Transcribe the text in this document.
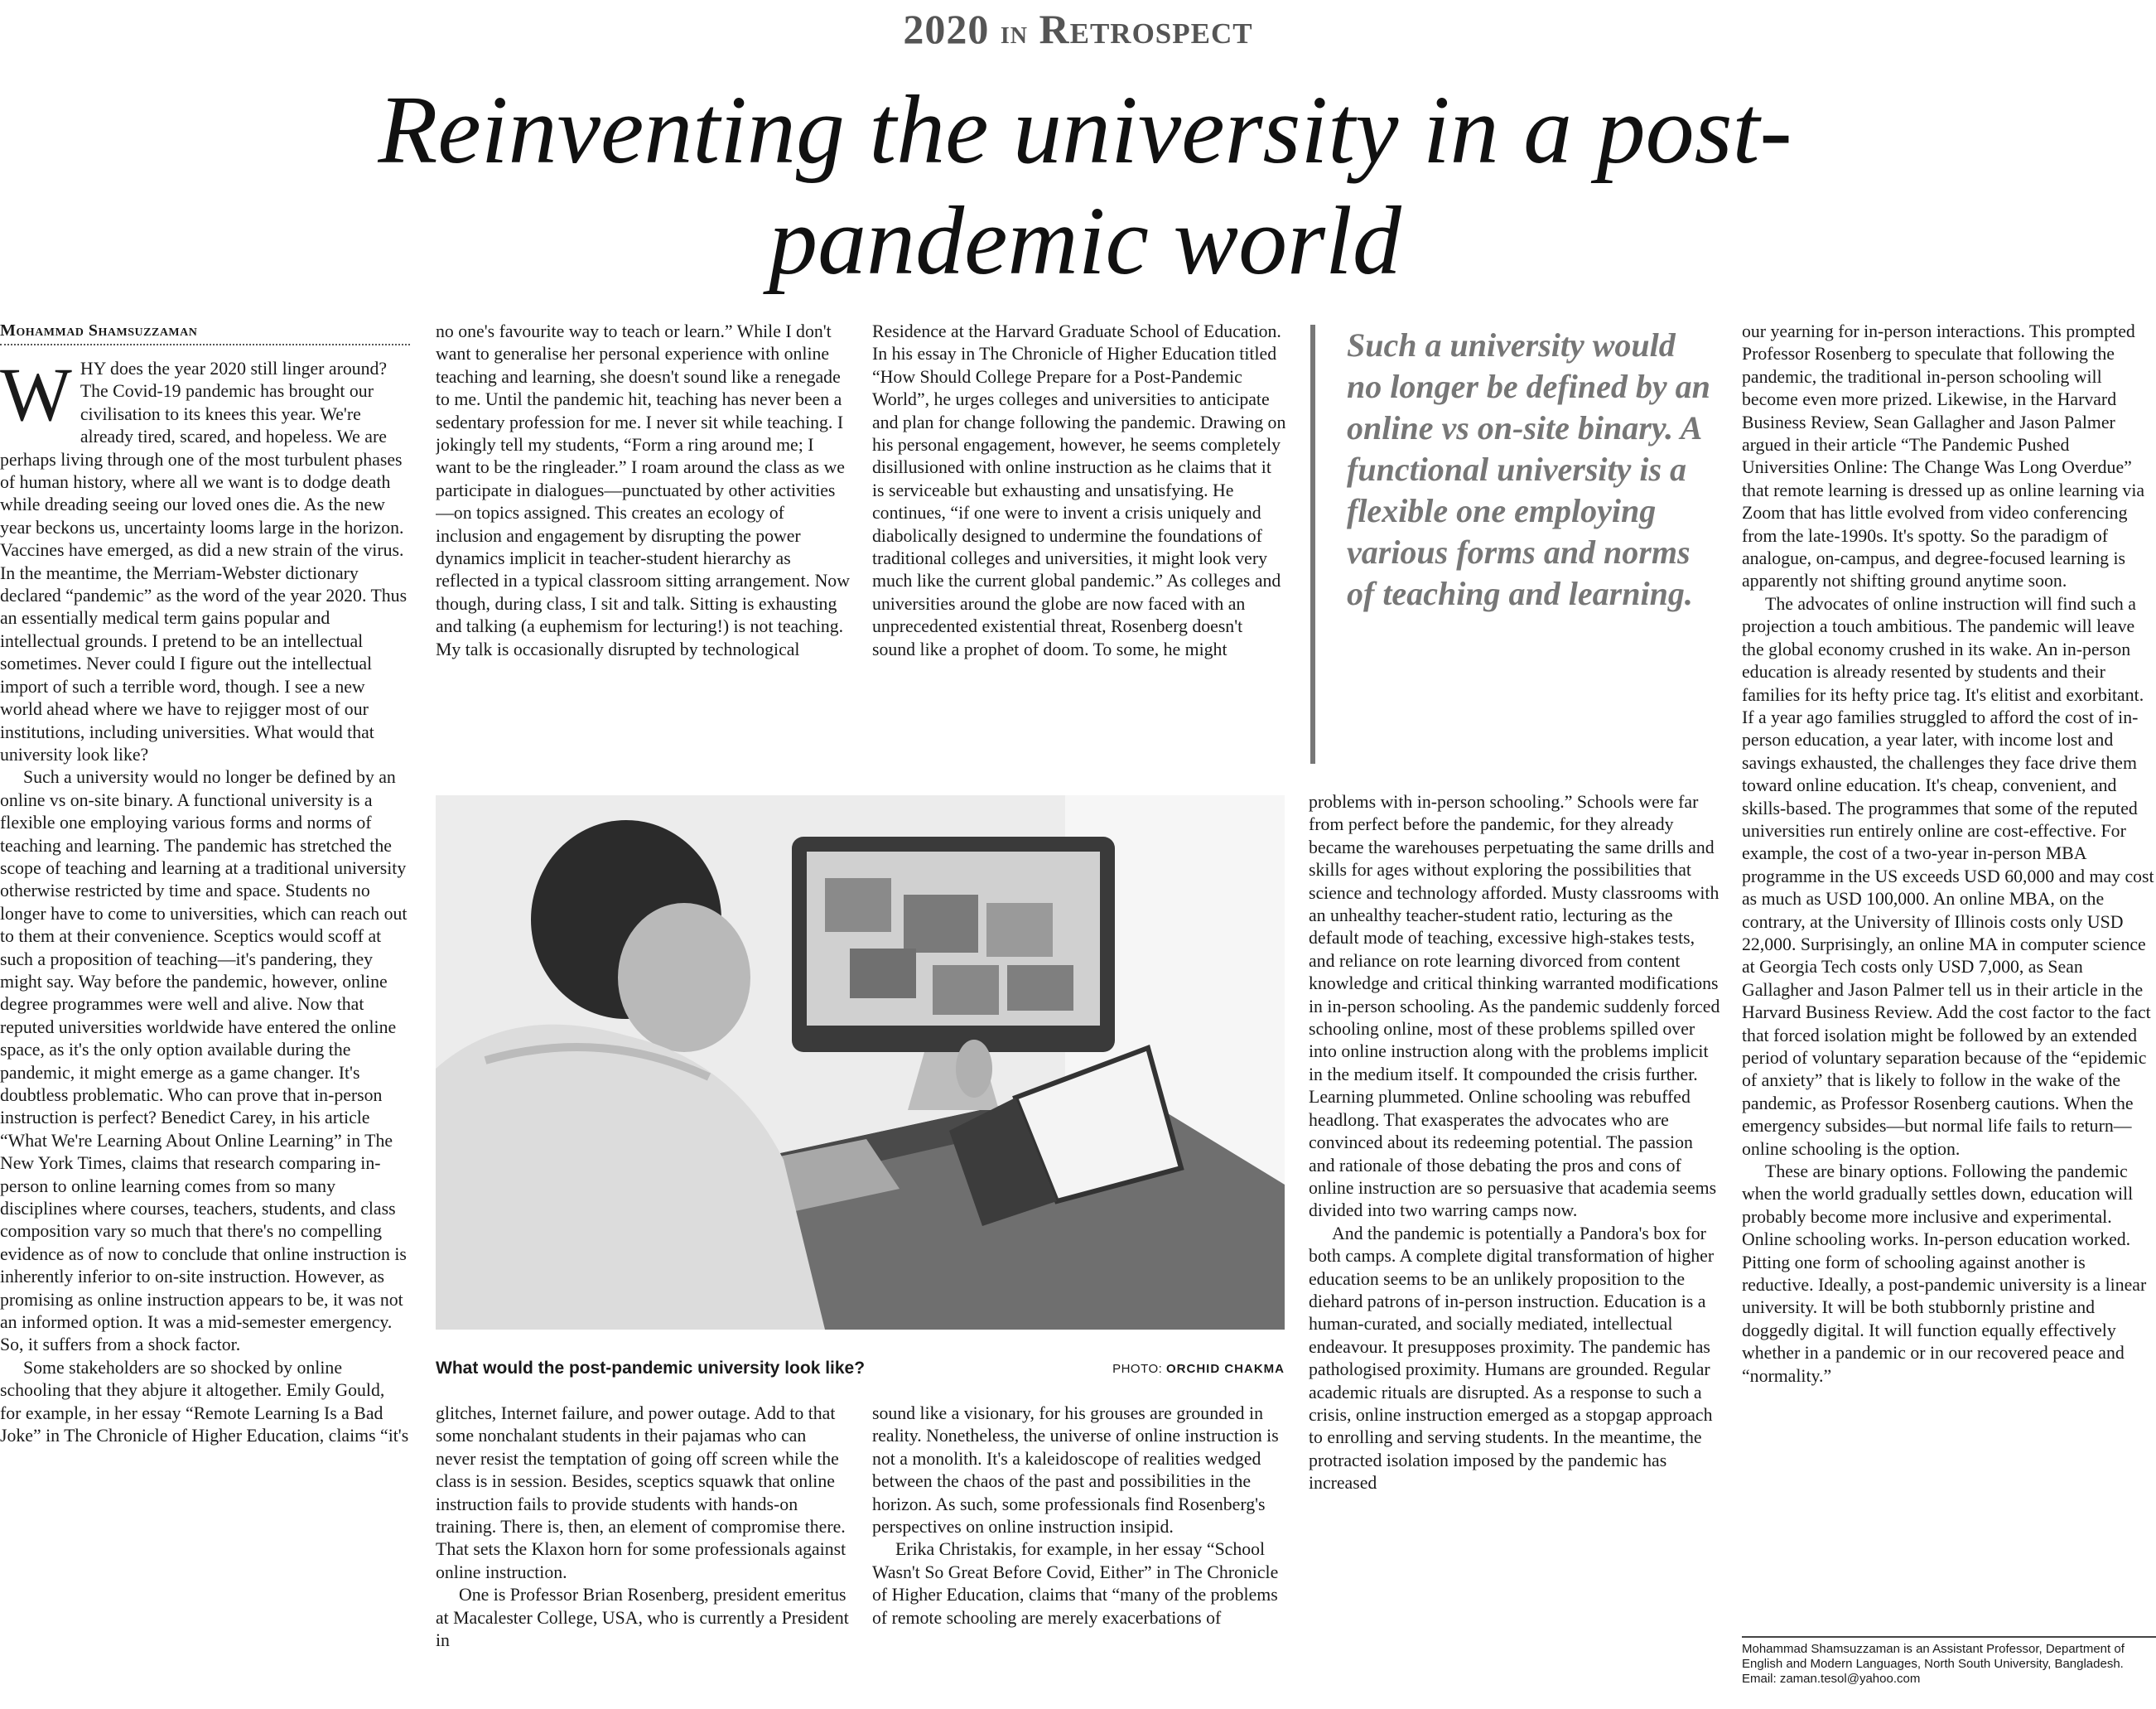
2020 in Retrospect
Reinventing the university in a post-pandemic world
Mohammad Shamsuzzaman

WHY does the year 2020 still linger around? The Covid-19 pandemic has brought our civilisation to its knees this year. We're already tired, scared, and hopeless. We are perhaps living through one of the most turbulent phases of human history, where all we want is to dodge death while dreading seeing our loved ones die. As the new year beckons us, uncertainty looms large in the horizon. Vaccines have emerged, as did a new strain of the virus. In the meantime, the Merriam-Webster dictionary declared “pandemic” as the word of the year 2020. Thus an essentially medical term gains popular and intellectual grounds. I pretend to be an intellectual sometimes. Never could I figure out the intellectual import of such a terrible word, though. I see a new world ahead where we have to rejigger most of our institutions, including universities. What would that university look like?

Such a university would no longer be defined by an online vs on-site binary. A functional university is a flexible one employing various forms and norms of teaching and learning. The pandemic has stretched the scope of teaching and learning at a traditional university otherwise restricted by time and space. Students no longer have to come to universities, which can reach out to them at their convenience. Sceptics would scoff at such a proposition of teaching—it's pandering, they might say. Way before the pandemic, however, online degree programmes were well and alive. Now that reputed universities worldwide have entered the online space, as it's the only option available during the pandemic, it might emerge as a game changer. It's doubtless problematic. Who can prove that in-person instruction is perfect? Benedict Carey, in his article “What We're Learning About Online Learning” in The New York Times, claims that research comparing in-person to online learning comes from so many disciplines where courses, teachers, students, and class composition vary so much that there's no compelling evidence as of now to conclude that online instruction is inherently inferior to on-site instruction. However, as promising as online instruction appears to be, it was not an informed option. It was a mid-semester emergency. So, it suffers from a shock factor.

Some stakeholders are so shocked by online schooling that they abjure it altogether. Emily Gould, for example, in her essay “Remote Learning Is a Bad Joke” in The Chronicle of Higher Education, claims “it's

no one's favourite way to teach or learn.” While I don't want to generalise her personal experience with online teaching and learning, she doesn't sound like a renegade to me. Until the pandemic hit, teaching has never been a sedentary profession for me. I never sit while teaching. I jokingly tell my students, “Form a ring around me; I want to be the ringleader.” I roam around the class as we participate in dialogues—punctuated by other activities—on topics assigned. This creates an ecology of inclusion and engagement by disrupting the power dynamics implicit in teacher-student hierarchy as reflected in a typical classroom sitting arrangement. Now though, during class, I sit and talk. Sitting is exhausting and talking (a euphemism for lecturing!) is not teaching. My talk is occasionally disrupted by technological

Residence at the Harvard Graduate School of Education. In his essay in The Chronicle of Higher Education titled “How Should College Prepare for a Post-Pandemic World”, he urges colleges and universities to anticipate and plan for change following the pandemic. Drawing on his personal engagement, however, he seems completely disillusioned with online instruction as he claims that it is serviceable but exhausting and unsatisfying. He continues, “if one were to invent a crisis uniquely and diabolically designed to undermine the foundations of traditional colleges and universities, it might look very much like the current global pandemic.” As colleges and universities around the globe are now faced with an unprecedented existential threat, Rosenberg doesn't sound like a prophet of doom. To some, he might

Such a university would no longer be defined by an online vs on-site binary. A functional university is a flexible one employing various forms and norms of teaching and learning.
What would the post-pandemic university look like?	PHOTO: ORCHID CHAKMA

glitches, Internet failure, and power outage. Add to that some nonchalant students in their pajamas who can never resist the temptation of going off screen while the class is in session. Besides, sceptics squawk that online instruction fails to provide students with hands-on training. There is, then, an element of compromise there. That sets the Klaxon horn for some professionals against online instruction.

One is Professor Brian Rosenberg, president emeritus at Macalester College, USA, who is currently a President in

sound like a visionary, for his grouses are grounded in reality. Nonetheless, the universe of online instruction is not a monolith. It's a kaleidoscope of realities wedged between the chaos of the past and possibilities in the horizon. As such, some professionals find Rosenberg's perspectives on online instruction insipid.

Erika Christakis, for example, in her essay “School Wasn't So Great Before Covid, Either” in The Chronicle of Higher Education, claims that “many of the problems of remote schooling are merely exacerbations of

problems with in-person schooling.” Schools were far from perfect before the pandemic, for they already became the warehouses perpetuating the same drills and skills for ages without exploring the possibilities that science and technology afforded. Musty classrooms with an unhealthy teacher-student ratio, lecturing as the default mode of teaching, excessive high-stakes tests, and reliance on rote learning divorced from content knowledge and critical thinking warranted modifications in in-person schooling. As the pandemic suddenly forced schooling online, most of these problems spilled over into online instruction along with the problems implicit in the medium itself. It compounded the crisis further. Learning plummeted. Online schooling was rebuffed headlong. That exasperates the advocates who are convinced about its redeeming potential. The passion and rationale of those debating the pros and cons of online instruction are so persuasive that academia seems divided into two warring camps now.

And the pandemic is potentially a Pandora's box for both camps. A complete digital transformation of higher education seems to be an unlikely proposition to the diehard patrons of in-person instruction. Education is a human-curated, and socially mediated, intellectual endeavour. It presupposes proximity. The pandemic has pathologised proximity. Humans are grounded. Regular academic rituals are disrupted. As a response to such a crisis, online instruction emerged as a stopgap approach to enrolling and serving students. In the meantime, the protracted isolation imposed by the pandemic has increased

our yearning for in-person interactions. This prompted Professor Rosenberg to speculate that following the pandemic, the traditional in-person schooling will become even more prized. Likewise, in the Harvard Business Review, Sean Gallagher and Jason Palmer argued in their article “The Pandemic Pushed Universities Online: The Change Was Long Overdue” that remote learning is dressed up as online learning via Zoom that has little evolved from video conferencing from the late-1990s. It's spotty. So the paradigm of analogue, on-campus, and degree-focused learning is apparently not shifting ground anytime soon.

The advocates of online instruction will find such a projection a touch ambitious. The pandemic will leave the global economy crushed in its wake. An in-person education is already resented by students and their families for its hefty price tag. It's elitist and exorbitant. If a year ago families struggled to afford the cost of in-person education, a year later, with income lost and savings exhausted, the challenges they face drive them toward online education. It's cheap, convenient, and skills-based. The programmes that some of the reputed universities run entirely online are cost-effective. For example, the cost of a two-year in-person MBA programme in the US exceeds USD 60,000 and may cost as much as USD 100,000. An online MBA, on the contrary, at the University of Illinois costs only USD 22,000. Surprisingly, an online MA in computer science at Georgia Tech costs only USD 7,000, as Sean Gallagher and Jason Palmer tell us in their article in the Harvard Business Review. Add the cost factor to the fact that forced isolation might be followed by an extended period of voluntary separation because of the “epidemic of anxiety” that is likely to follow in the wake of the pandemic, as Professor Rosenberg cautions. When the emergency subsides—but normal life fails to return—online schooling is the option.

These are binary options. Following the pandemic when the world gradually settles down, education will probably become more inclusive and experimental. Online schooling works. In-person education worked. Pitting one form of schooling against another is reductive. Ideally, a post-pandemic university is a linear university. It will be both stubbornly pristine and doggedly digital. It will function equally effectively whether in a pandemic or in our recovered peace and “normality.”

Mohammad Shamsuzzaman is an Assistant Professor, Department of English and Modern Languages, North South University, Bangladesh.
Email: zaman.tesol@yahoo.com
